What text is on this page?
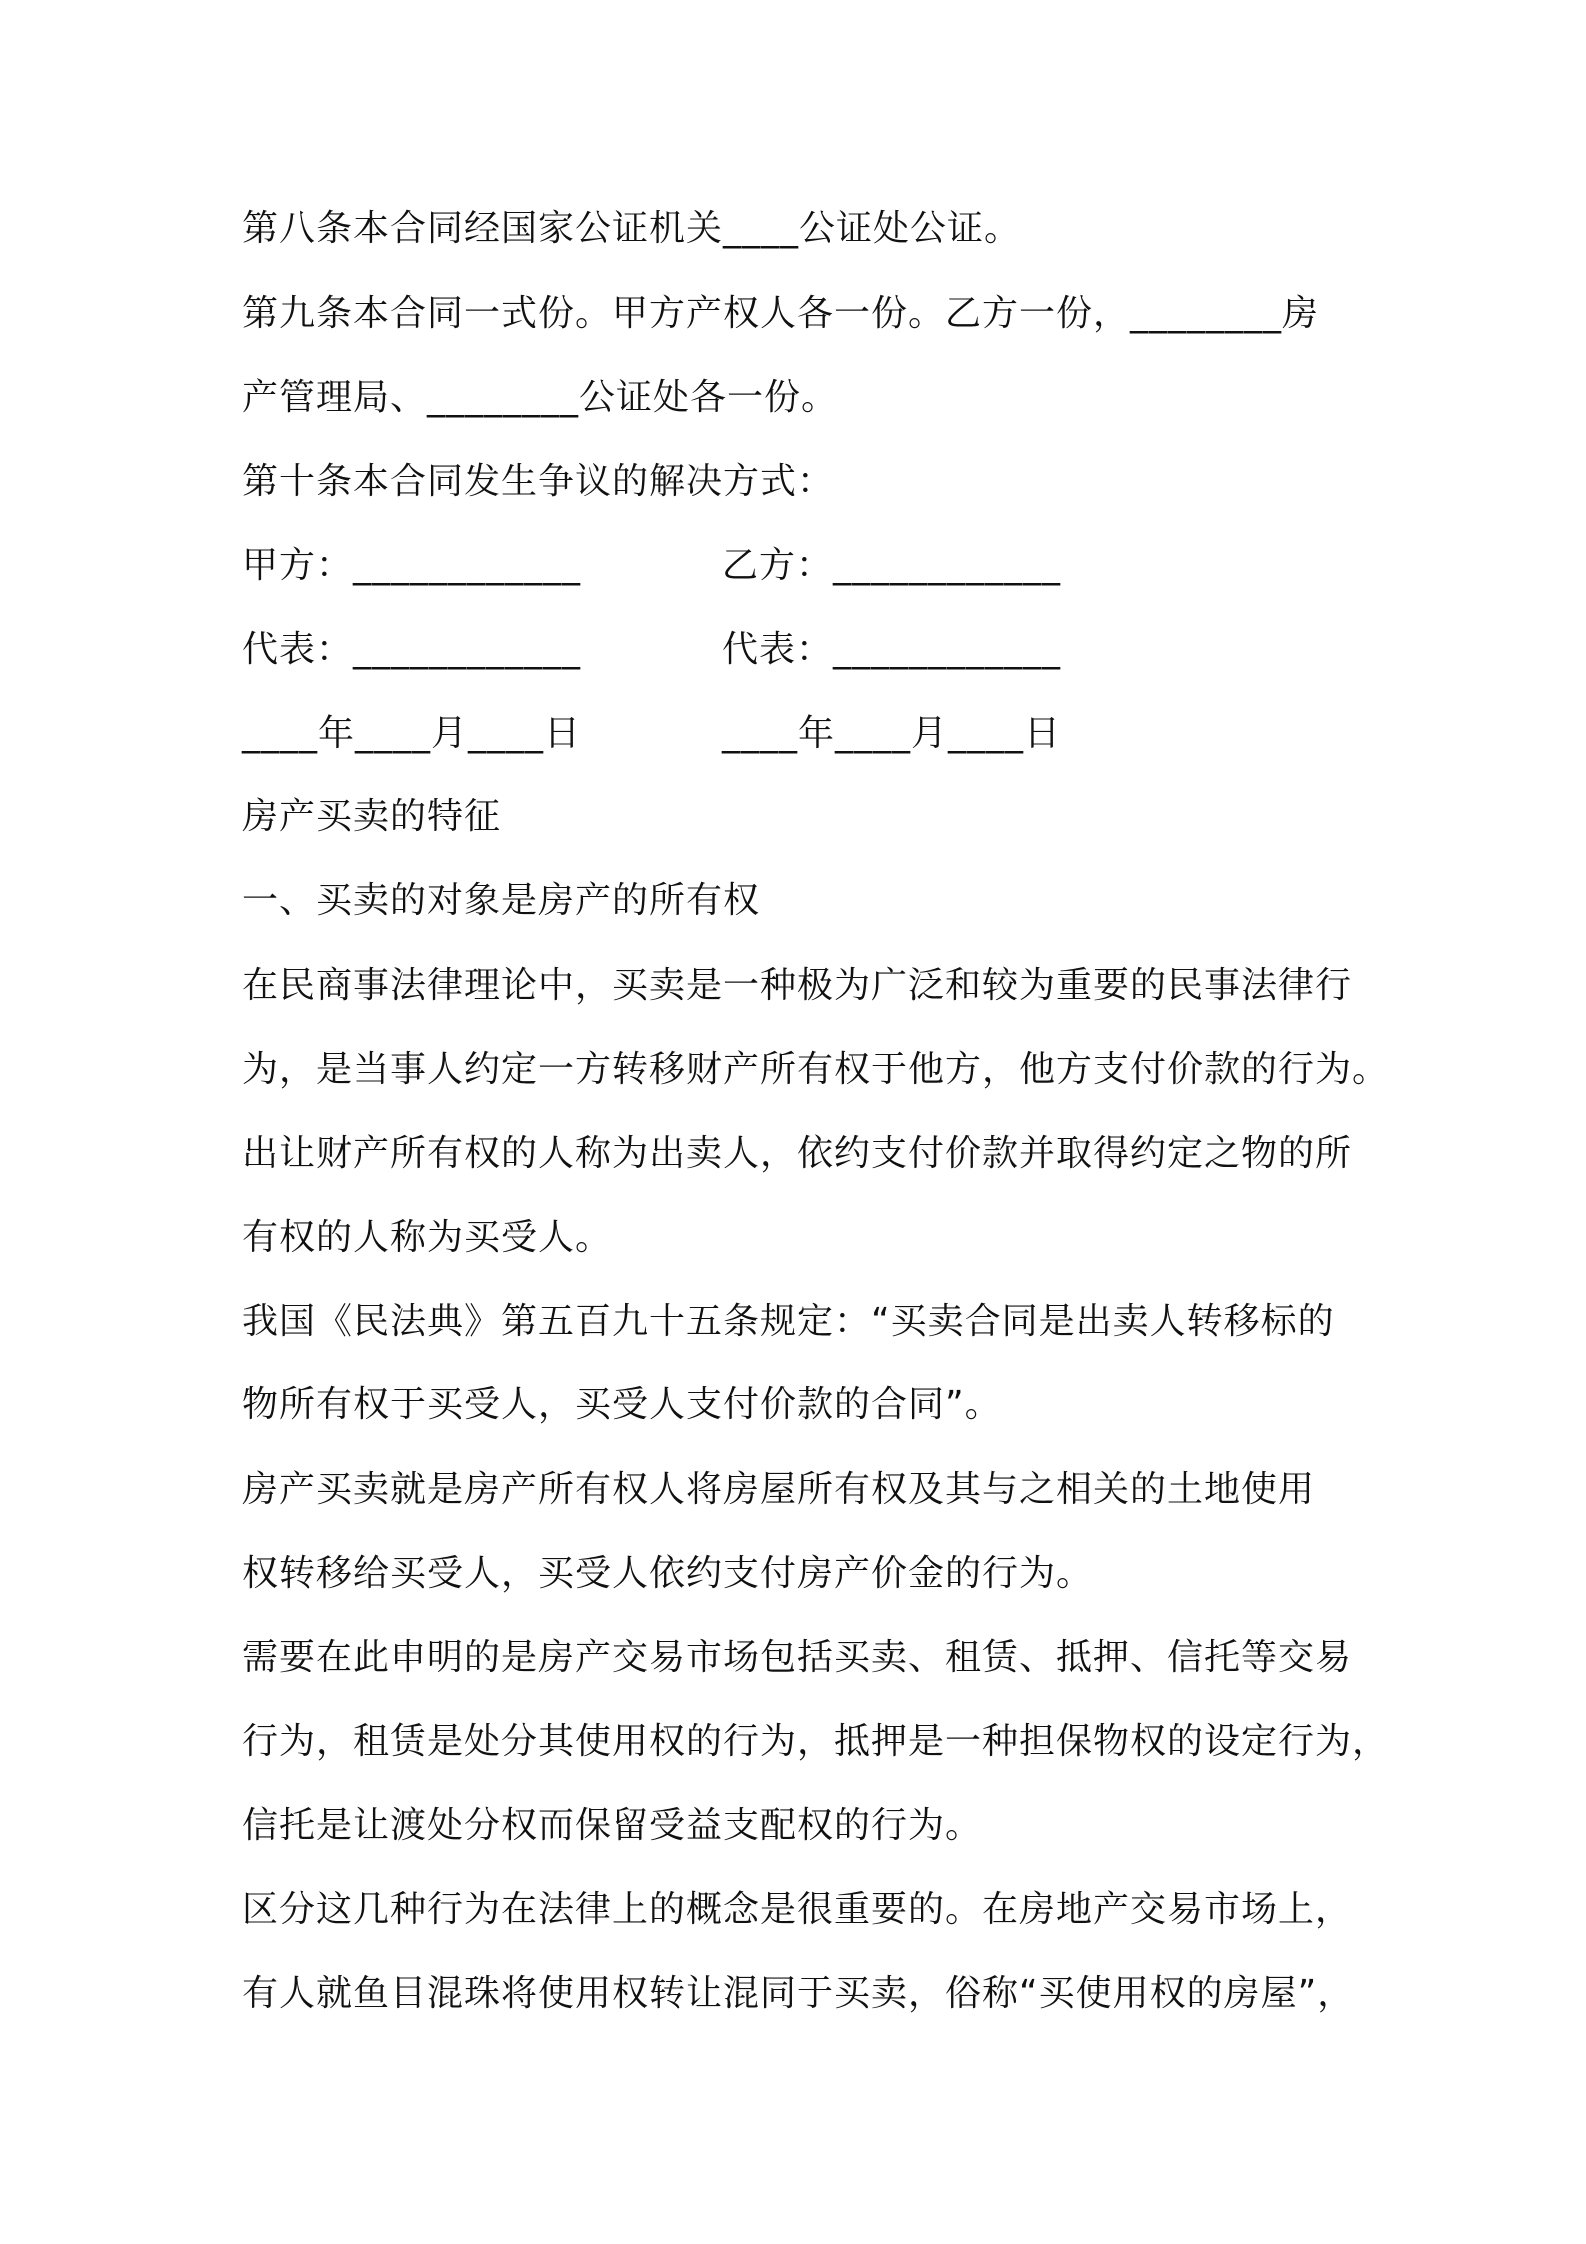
第八条本合同经国家公证机关____公证处公证。
第九条本合同一式份。甲方产权人各一份。乙方一份，________房
产管理局、________公证处各一份。
第十条本合同发生争议的解决方式：
甲方：____________	乙方：____________
代表：____________	代表：____________
____年____月____日	____年____月____日
房产买卖的特征
一、买卖的对象是房产的所有权
在民商事法律理论中，买卖是一种极为广泛和较为重要的民事法律行
为，是当事人约定一方转移财产所有权于他方，他方支付价款的行为。
出让财产所有权的人称为出卖人，依约支付价款并取得约定之物的所
有权的人称为买受人。
我国《民法典》第五百九十五条规定：“买卖合同是出卖人转移标的
物所有权于买受人，买受人支付价款的合同”。
房产买卖就是房产所有权人将房屋所有权及其与之相关的土地使用
权转移给买受人，买受人依约支付房产价金的行为。
需要在此申明的是房产交易市场包括买卖、租赁、抵押、信托等交易
行为，租赁是处分其使用权的行为，抵押是一种担保物权的设定行为，
信托是让渡处分权而保留受益支配权的行为。
区分这几种行为在法律上的概念是很重要的。在房地产交易市场上，
有人就鱼目混珠将使用权转让混同于买卖，俗称“买使用权的房屋”，
